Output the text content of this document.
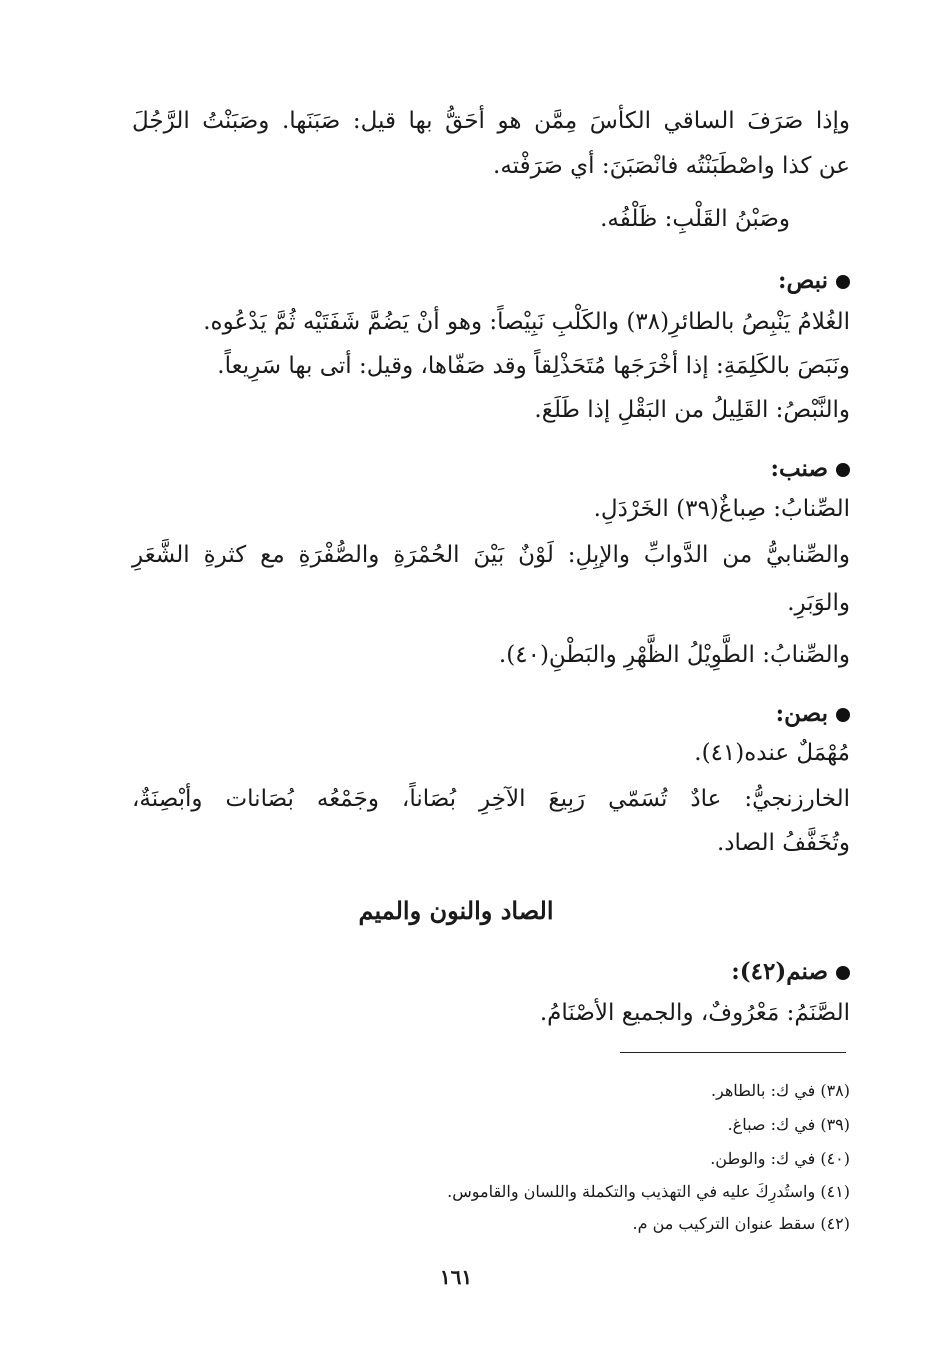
وإذا صَرَفَ الساقي الكأسَ مِمَّن هو أحَقُّ بها قيل: صَبَنَها. وصَبَنْتُ الرَّجُلَ
عن كذا واصْطَبَنْتُه فانْصَبَنَ: أي صَرَفْته.
وصَبْنُ القَلْبِ: ظَلْفُه.
نبص:
الغُلامُ يَنْبِصُ بالطائرِ(٣٨) والكَلْبِ نَبِيْصاً: وهو أنْ يَضُمَّ شَفَتَيْه ثُمَّ يَدْعُوه.
ونَبَصَ بالكَلِمَةِ: إذا أخْرَجَها مُتَحَذْلِقاً وقد صَفّاها، وقيل: أتى بها سَرِيعاً.
والنَّبْصُ: القَلِيلُ من البَقْلِ إذا طَلَعَ.
صنب:
الصِّنابُ: صِباغٌ(٣٩) الخَرْدَلِ.
والصِّنابيُّ من الدَّوابِّ والإبِلِ: لَوْنٌ بَيْنَ الحُمْرَةِ والصُّفْرَةِ مع كثرةِ الشَّعَرِ
والوَبَرِ.
والصِّنابُ: الطَّوِيْلُ الظَّهْرِ والبَطْنِ(٤٠).
بصن:
مُهْمَلٌ عنده(٤١).
الخارزنجيُّ: عادٌ تُسَمّي رَبِيعَ الآخِرِ بُصَاناً، وجَمْعُه بُصَانات وأبْصِنَةٌ،
وتُخَفَّفُ الصاد.
الصاد والنون والميم
صنم(٤٢):
الصَّنَمُ: مَعْرُوفٌ، والجميع الأصْنَامُ.
(٣٨) في ك: بالطاهر.
(٣٩) في ك: صباغ.
(٤٠) في ك: والوطن.
(٤١) واستُدرِكَ عليه في التهذيب والتكملة واللسان والقاموس.
(٤٢) سقط عنوان التركيب من م.
١٦١
